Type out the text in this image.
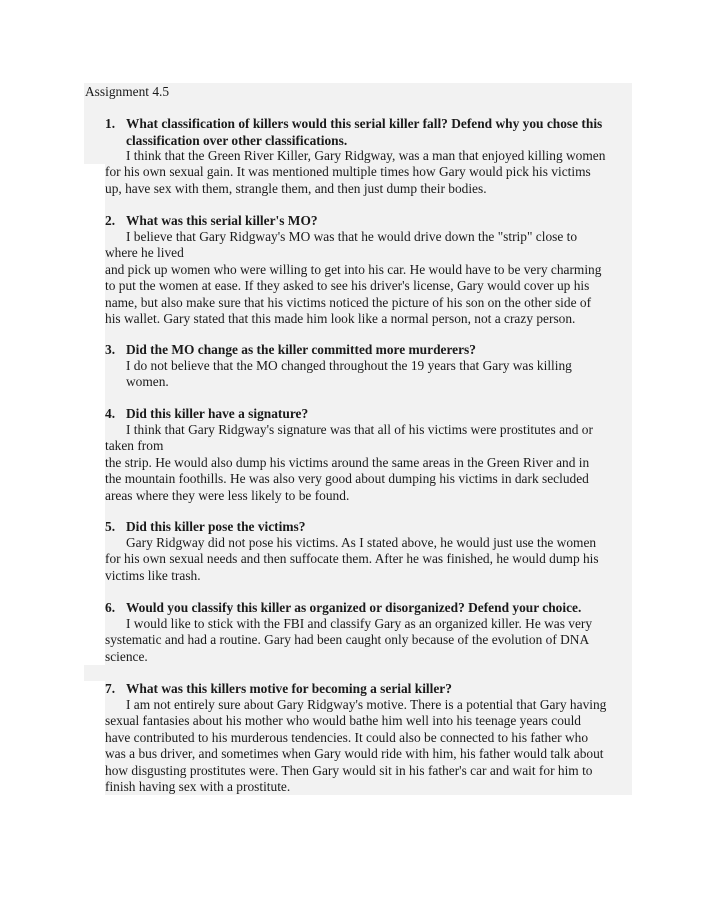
Assignment 4.5
1. What classification of killers would this serial killer fall? Defend why you chose this classification over other classifications.
I think that the Green River Killer, Gary Ridgway, was a man that enjoyed killing women
for his own sexual gain. It was mentioned multiple times how Gary would pick his victims
up, have sex with them, strangle them, and then just dump their bodies.
2. What was this serial killer's MO?
I believe that Gary Ridgway's MO was that he would drive down the "strip" close to
where he lived
and pick up women who were willing to get into his car. He would have to be very charming
to put the women at ease. If they asked to see his driver's license, Gary would cover up his
name, but also make sure that his victims noticed the picture of his son on the other side of
his wallet. Gary stated that this made him look like a normal person, not a crazy person.
3. Did the MO change as the killer committed more murderers?
I do not believe that the MO changed throughout the 19 years that Gary was killing
women.
4. Did this killer have a signature?
I think that Gary Ridgway's signature was that all of his victims were prostitutes and or
taken from
the strip. He would also dump his victims around the same areas in the Green River and in
the mountain foothills. He was also very good about dumping his victims in dark secluded
areas where they were less likely to be found.
5. Did this killer pose the victims?
Gary Ridgway did not pose his victims. As I stated above, he would just use the women
for his own sexual needs and then suffocate them. After he was finished, he would dump his
victims like trash.
6. Would you classify this killer as organized or disorganized? Defend your choice.
I would like to stick with the FBI and classify Gary as an organized killer. He was very
systematic and had a routine. Gary had been caught only because of the evolution of DNA
science.
7. What was this killers motive for becoming a serial killer?
I am not entirely sure about Gary Ridgway's motive. There is a potential that Gary having
sexual fantasies about his mother who would bathe him well into his teenage years could
have contributed to his murderous tendencies. It could also be connected to his father who
was a bus driver, and sometimes when Gary would ride with him, his father would talk about
how disgusting prostitutes were. Then Gary would sit in his father's car and wait for him to
finish having sex with a prostitute.
